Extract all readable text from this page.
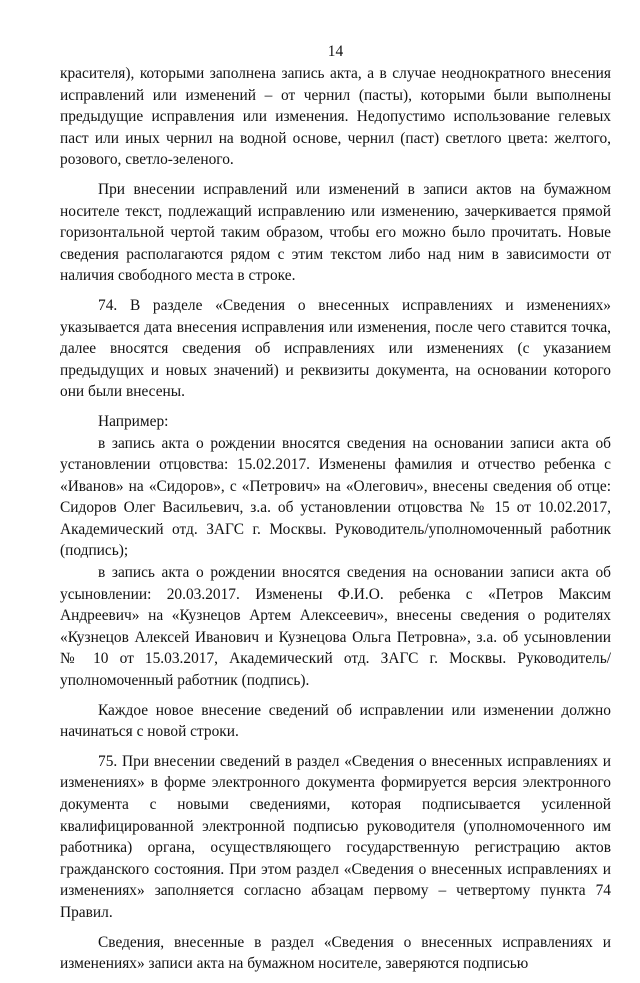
14

красителя), которыми заполнена запись акта, а в случае неоднократного внесения исправлений или изменений – от чернил (пасты), которыми были выполнены предыдущие исправления или изменения. Недопустимо использование гелевых паст или иных чернил на водной основе, чернил (паст) светлого цвета: желтого, розового, светло-зеленого.

При внесении исправлений или изменений в записи актов на бумажном носителе текст, подлежащий исправлению или изменению, зачеркивается прямой горизонтальной чертой таким образом, чтобы его можно было прочитать. Новые сведения располагаются рядом с этим текстом либо над ним в зависимости от наличия свободного места в строке.

74. В разделе «Сведения о внесенных исправлениях и изменениях» указывается дата внесения исправления или изменения, после чего ставится точка, далее вносятся сведения об исправлениях или изменениях (с указанием предыдущих и новых значений) и реквизиты документа, на основании которого они были внесены.

Например:

в запись акта о рождении вносятся сведения на основании записи акта об установлении отцовства: 15.02.2017. Изменены фамилия и отчество ребенка с «Иванов» на «Сидоров», с «Петрович» на «Олегович», внесены сведения об отце: Сидоров Олег Васильевич, з.а. об установлении отцовства № 15 от 10.02.2017, Академический отд. ЗАГС г. Москвы. Руководитель/уполномоченный работник (подпись);

в запись акта о рождении вносятся сведения на основании записи акта об усыновлении: 20.03.2017. Изменены Ф.И.О. ребенка с «Петров Максим Андреевич» на «Кузнецов Артем Алексеевич», внесены сведения о родителях «Кузнецов Алексей Иванович и Кузнецова Ольга Петровна», з.а. об усыновлении № 10 от 15.03.2017, Академический отд. ЗАГС г. Москвы. Руководитель/уполномоченный работник (подпись).

Каждое новое внесение сведений об исправлении или изменении должно начинаться с новой строки.

75. При внесении сведений в раздел «Сведения о внесенных исправлениях и изменениях» в форме электронного документа формируется версия электронного документа с новыми сведениями, которая подписывается усиленной квалифицированной электронной подписью руководителя (уполномоченного им работника) органа, осуществляющего государственную регистрацию актов гражданского состояния. При этом раздел «Сведения о внесенных исправлениях и изменениях» заполняется согласно абзацам первому – четвертому пункта 74 Правил.

Сведения, внесенные в раздел «Сведения о внесенных исправлениях и изменениях» записи акта на бумажном носителе, заверяются подписью
